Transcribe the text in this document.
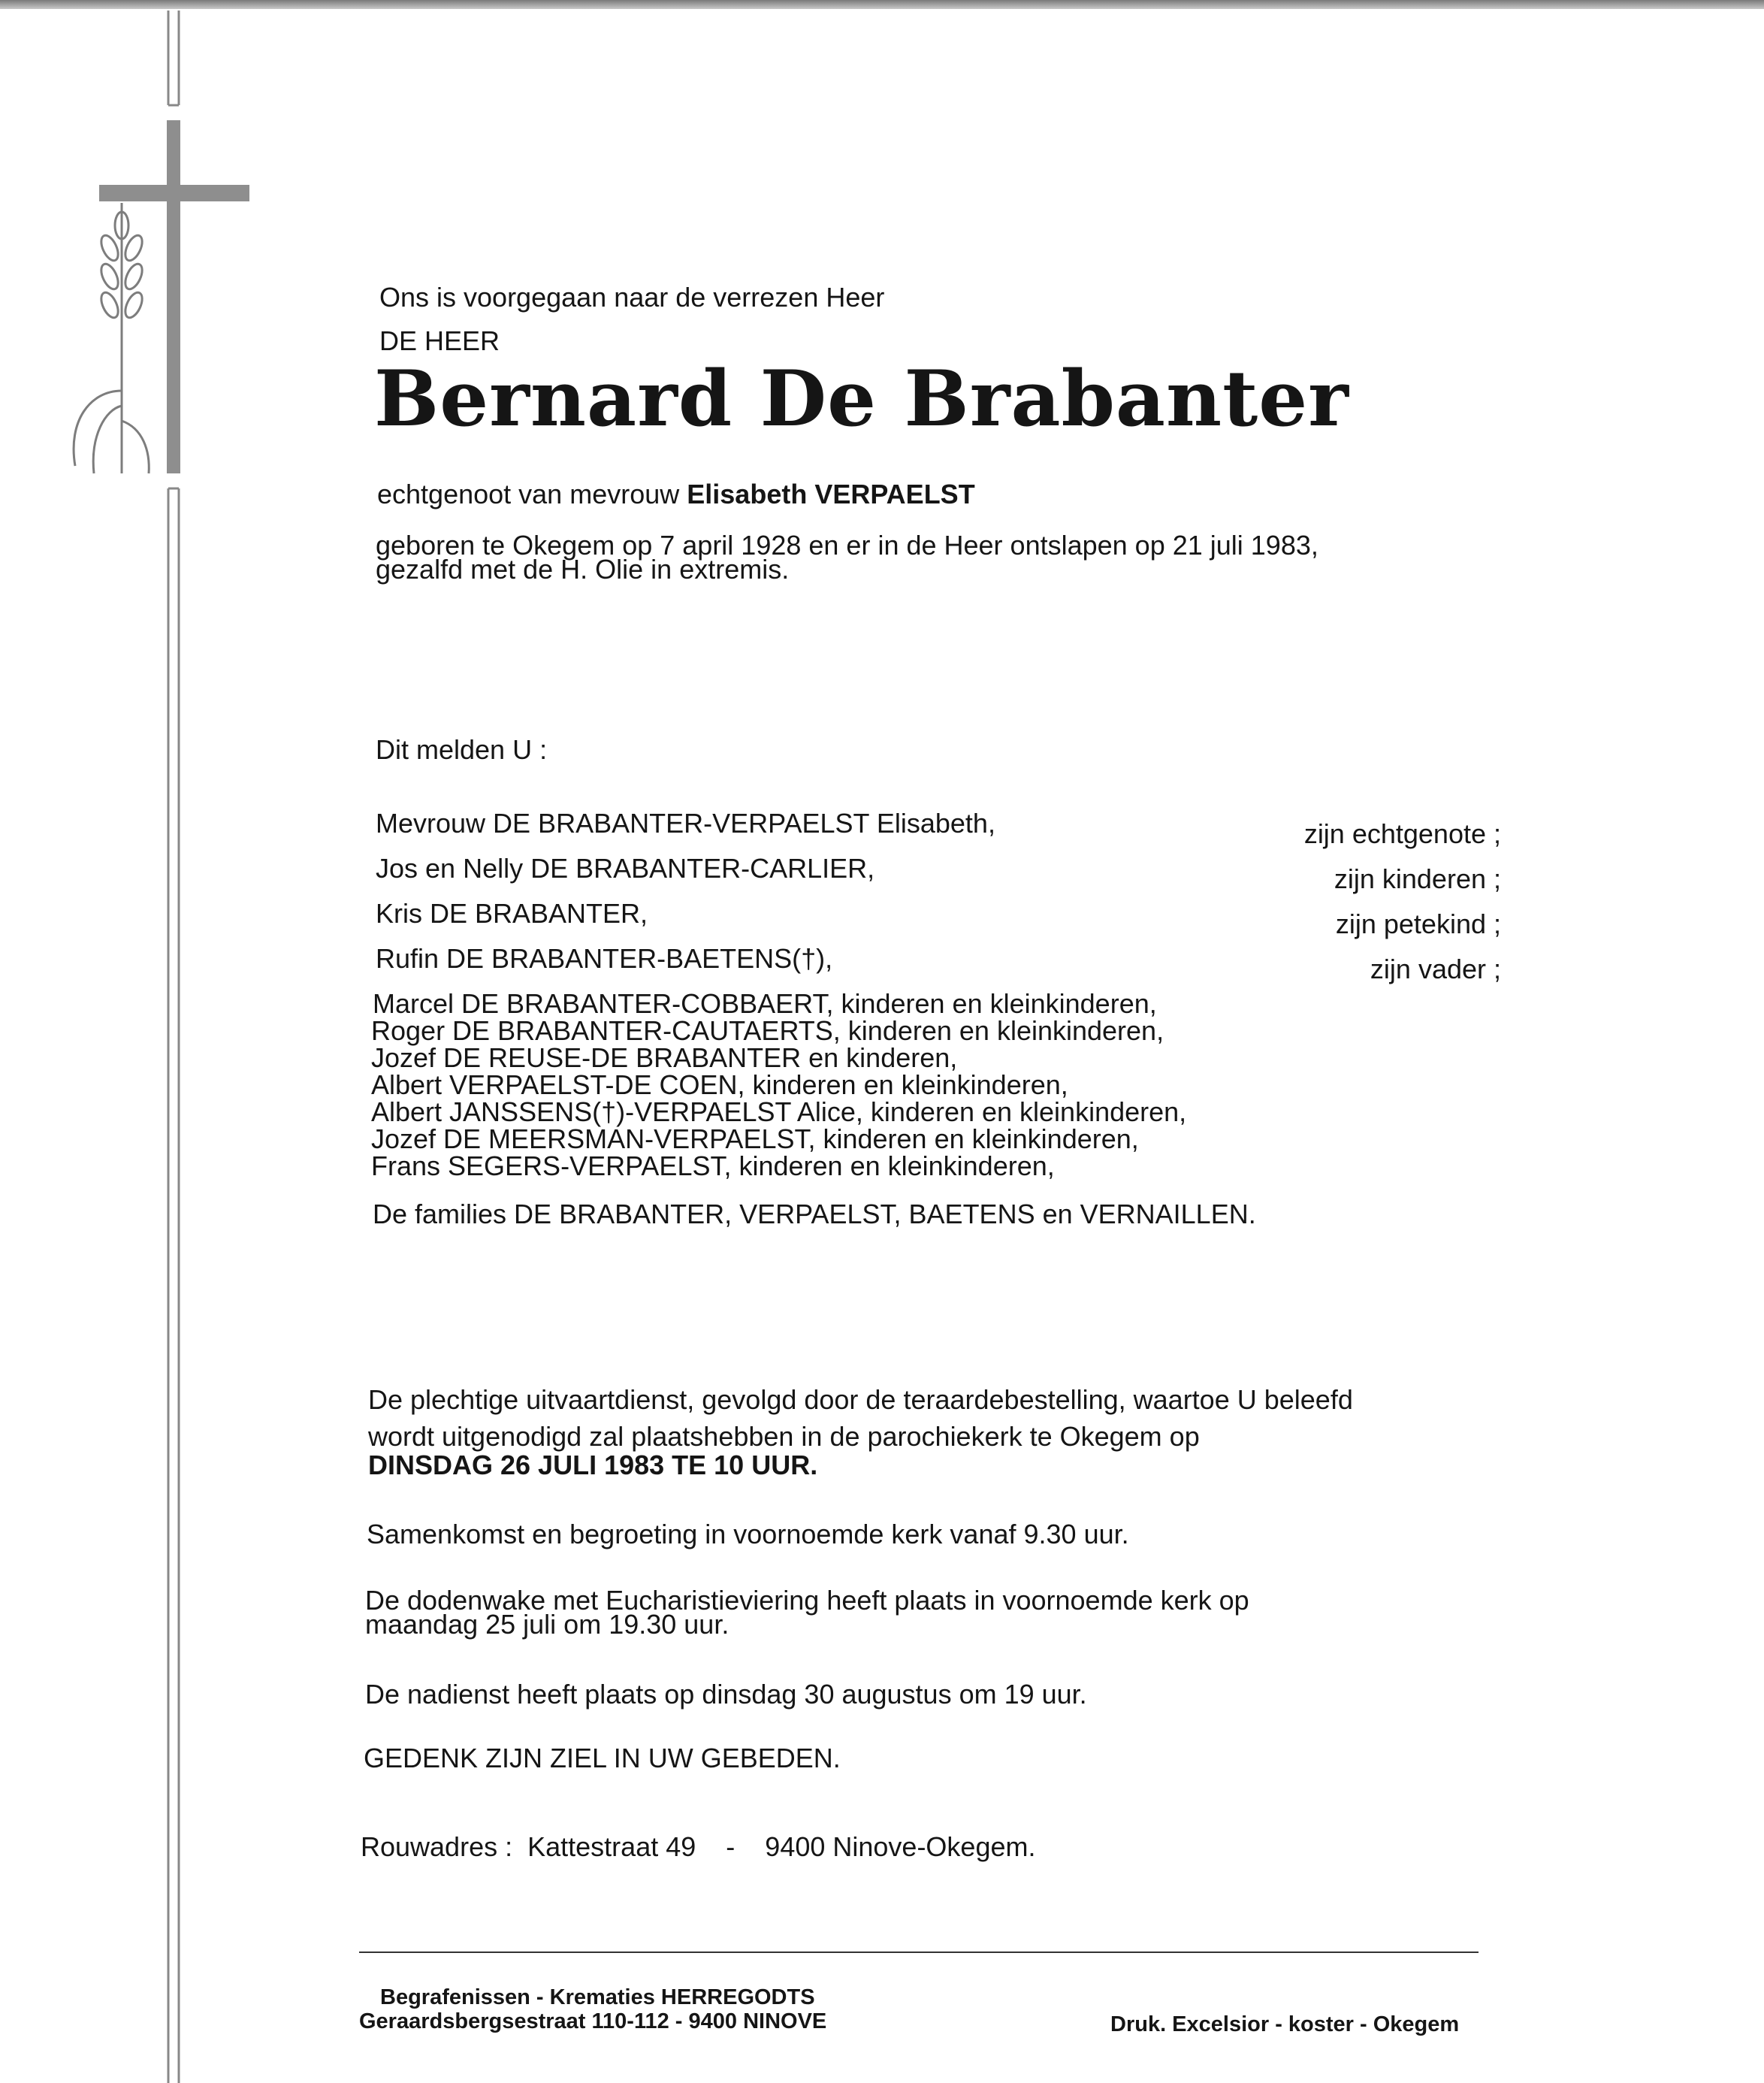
Ons is voorgegaan naar de verrezen Heer
DE HEER
Bernard De Brabanter
echtgenoot van mevrouw Elisabeth VERPAELST
geboren te Okegem op 7 april 1928 en er in de Heer ontslapen op 21 juli 1983,
gezalfd met de H. Olie in extremis.
Dit melden U :
Mevrouw DE BRABANTER-VERPAELST Elisabeth,	zijn echtgenote ;
Jos en Nelly DE BRABANTER-CARLIER,	zijn kinderen ;
Kris DE BRABANTER,	zijn petekind ;
Rufin DE BRABANTER-BAETENS(†),	zijn vader ;
Marcel DE BRABANTER-COBBAERT, kinderen en kleinkinderen,
Roger DE BRABANTER-CAUTAERTS, kinderen en kleinkinderen,
Jozef DE REUSE-DE BRABANTER en kinderen,
Albert VERPAELST-DE COEN, kinderen en kleinkinderen,
Albert JANSSENS(†)-VERPAELST Alice, kinderen en kleinkinderen,
Jozef DE MEERSMAN-VERPAELST, kinderen en kleinkinderen,
Frans SEGERS-VERPAELST, kinderen en kleinkinderen,
De families DE BRABANTER, VERPAELST, BAETENS en VERNAILLEN.
De plechtige uitvaartdienst, gevolgd door de teraardebestelling, waartoe U beleefd
wordt uitgenodigd zal plaatshebben in de parochiekerk te Okegem op
DINSDAG 26 JULI 1983 TE 10 UUR.
Samenkomst en begroeting in voornoemde kerk vanaf 9.30 uur.
De dodenwake met Eucharistieviering heeft plaats in voornoemde kerk op
maandag 25 juli om 19.30 uur.
De nadienst heeft plaats op dinsdag 30 augustus om 19 uur.
GEDENK ZIJN ZIEL IN UW GEBEDEN.
Rouwadres : Kattestraat 49 - 9400 Ninove-Okegem.
Begrafenissen - Krematies HERREGODTS
Geraardsbergsestraat 110-112 - 9400 NINOVE	Druk. Excelsior - koster - Okegem
